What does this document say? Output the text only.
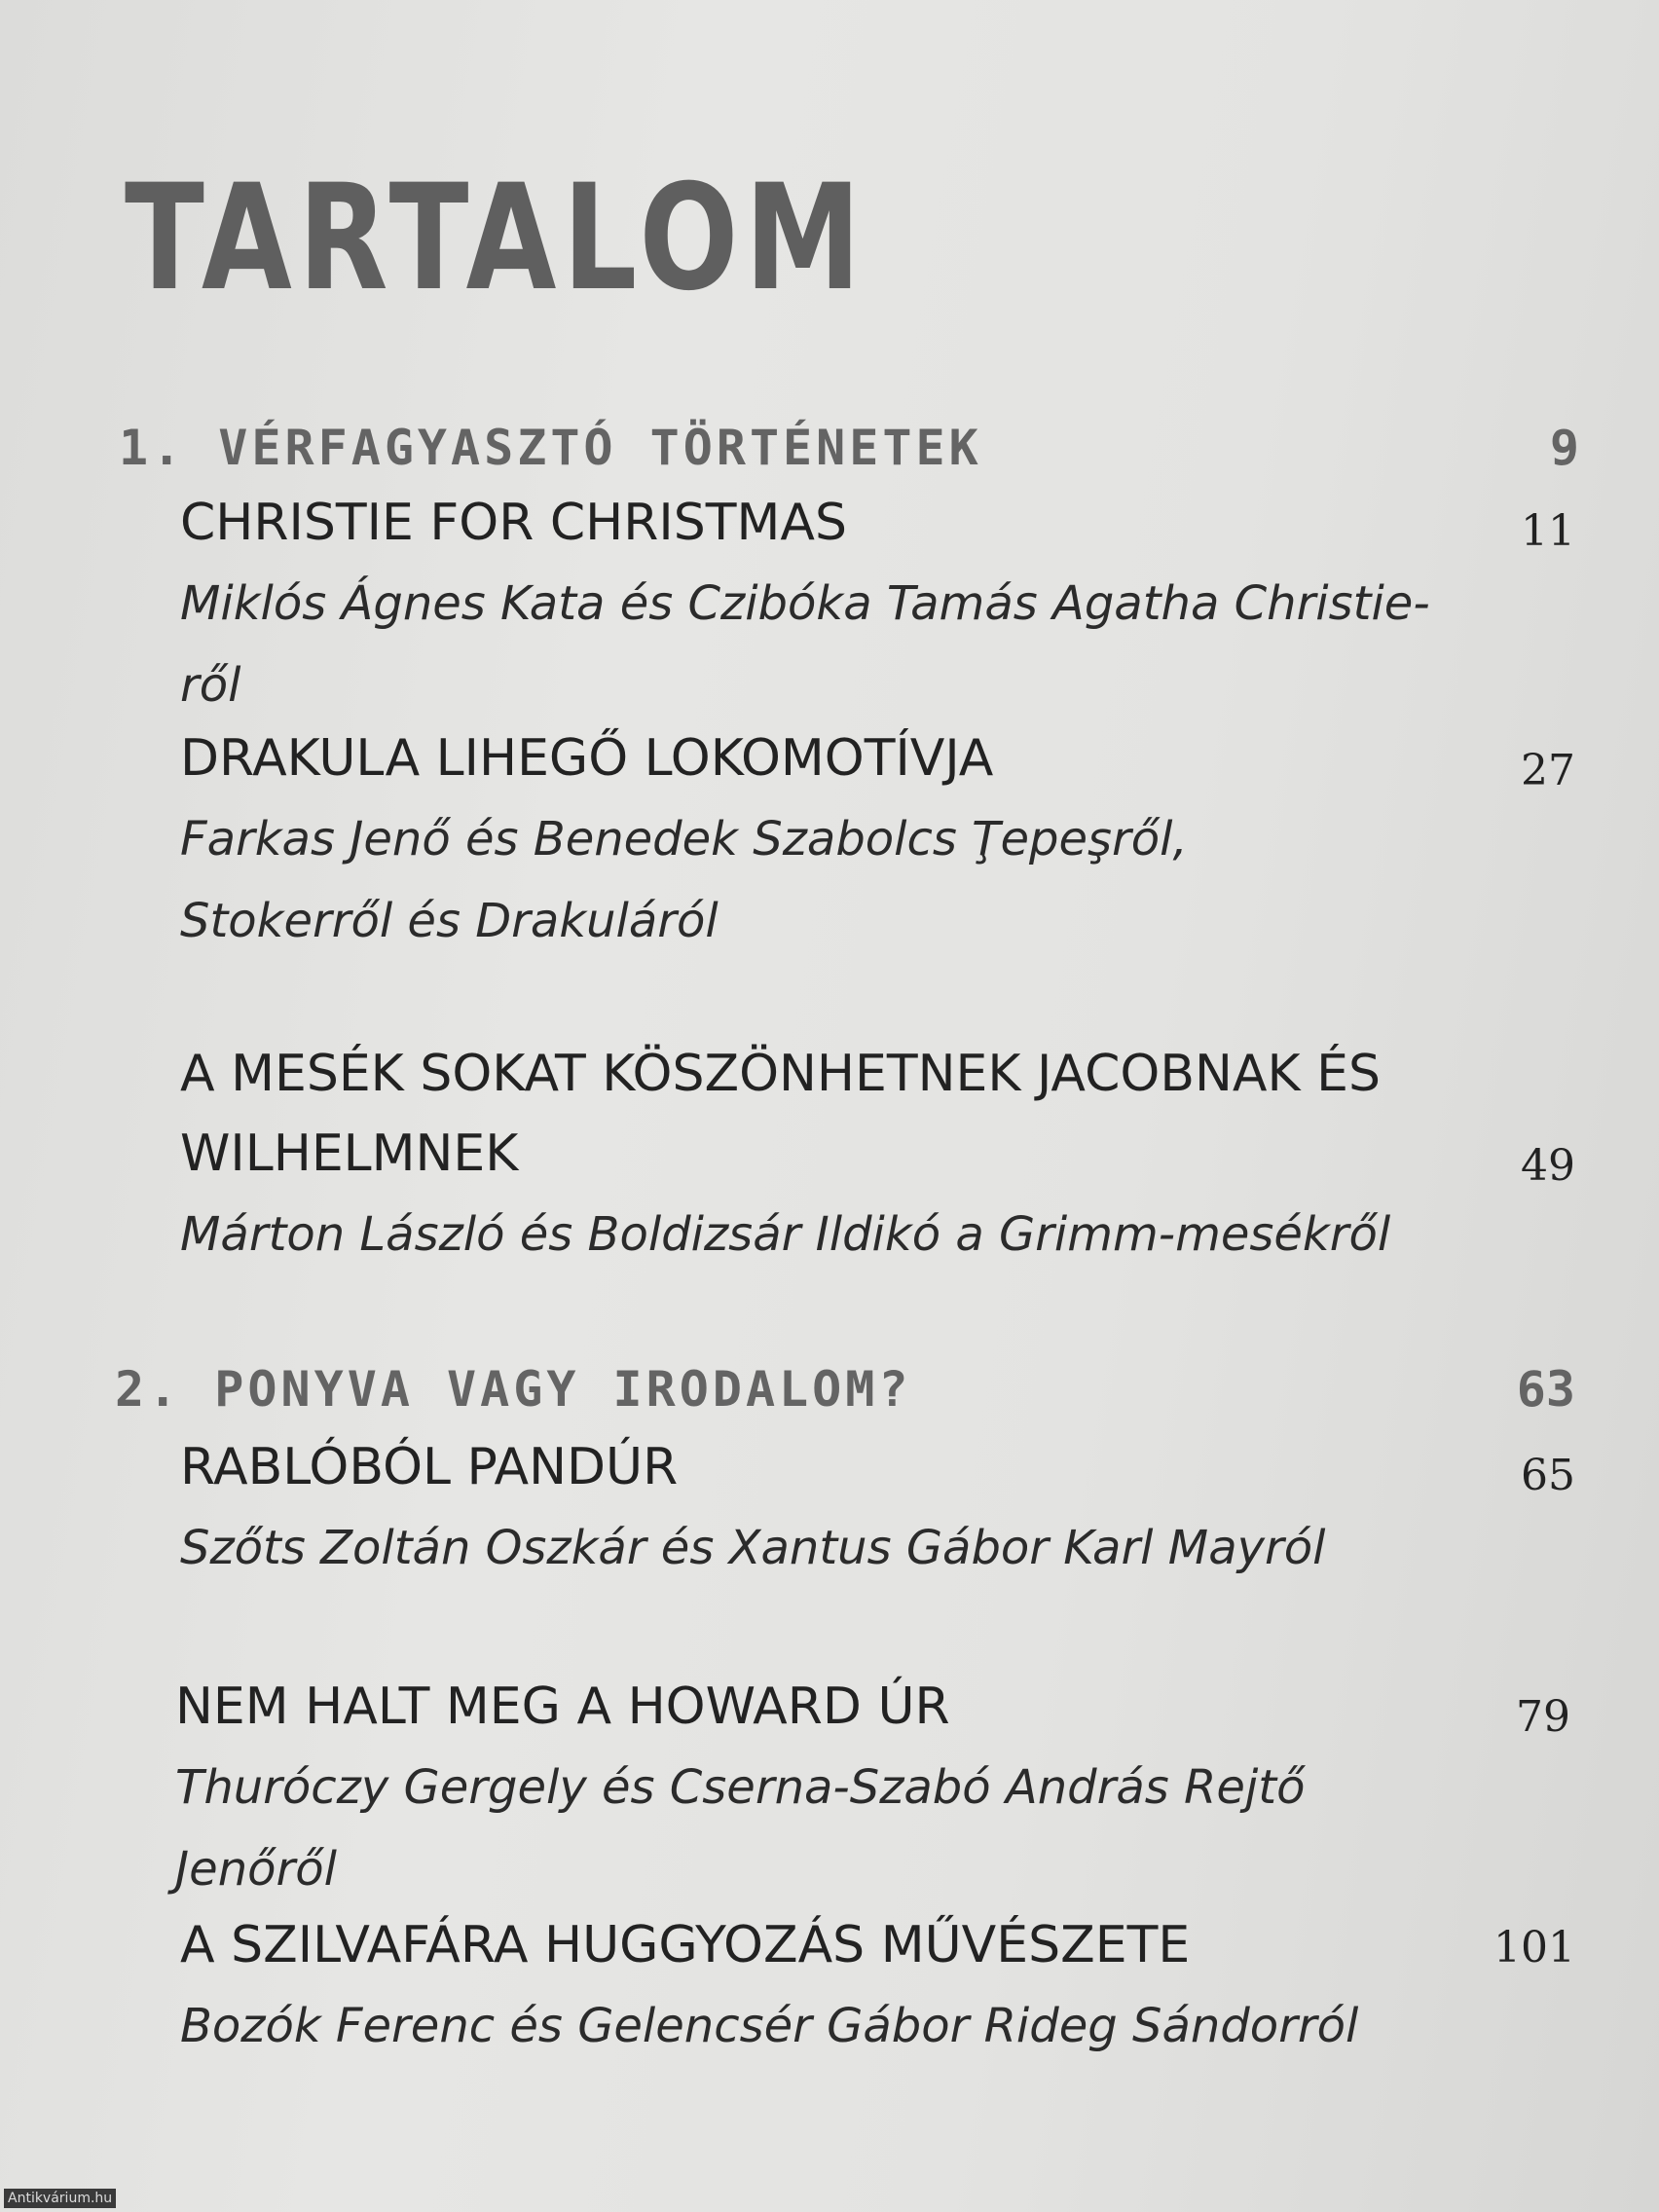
TARTALOM
1. VÉRFAGYASZTÓ TÖRTÉNETEK	9

CHRISTIE FOR CHRISTMAS

Miklós Ágnes Kata és Czibóka Tamás Agatha Christie-ről

11

DRAKULA LIHEGŐ LOKOMOTÍVJA

Farkas Jenő és Benedek Szabolcs Ţepeşről, Stokerről és Drakuláról

27

A MESÉK SOKAT KÖSZÖNHETNEK JACOBNAK ÉS WILHELMNEK

Márton László és Boldizsár Ildikó a Grimm-mesékről

49
2. PONYVA VAGY IRODALOM?	63

RABLÓBÓL PANDÚR

Szőts Zoltán Oszkár és Xantus Gábor Karl Mayról

65

NEM HALT MEG A HOWARD ÚR

Thuróczy Gergely és Cserna-Szabó András Rejtő Jenőről

79

A SZILVAFÁRA HUGGYOZÁS MŰVÉSZETE

Bozók Ferenc és Gelencsér Gábor Rideg Sándorról

101
Antikvárium.hu
